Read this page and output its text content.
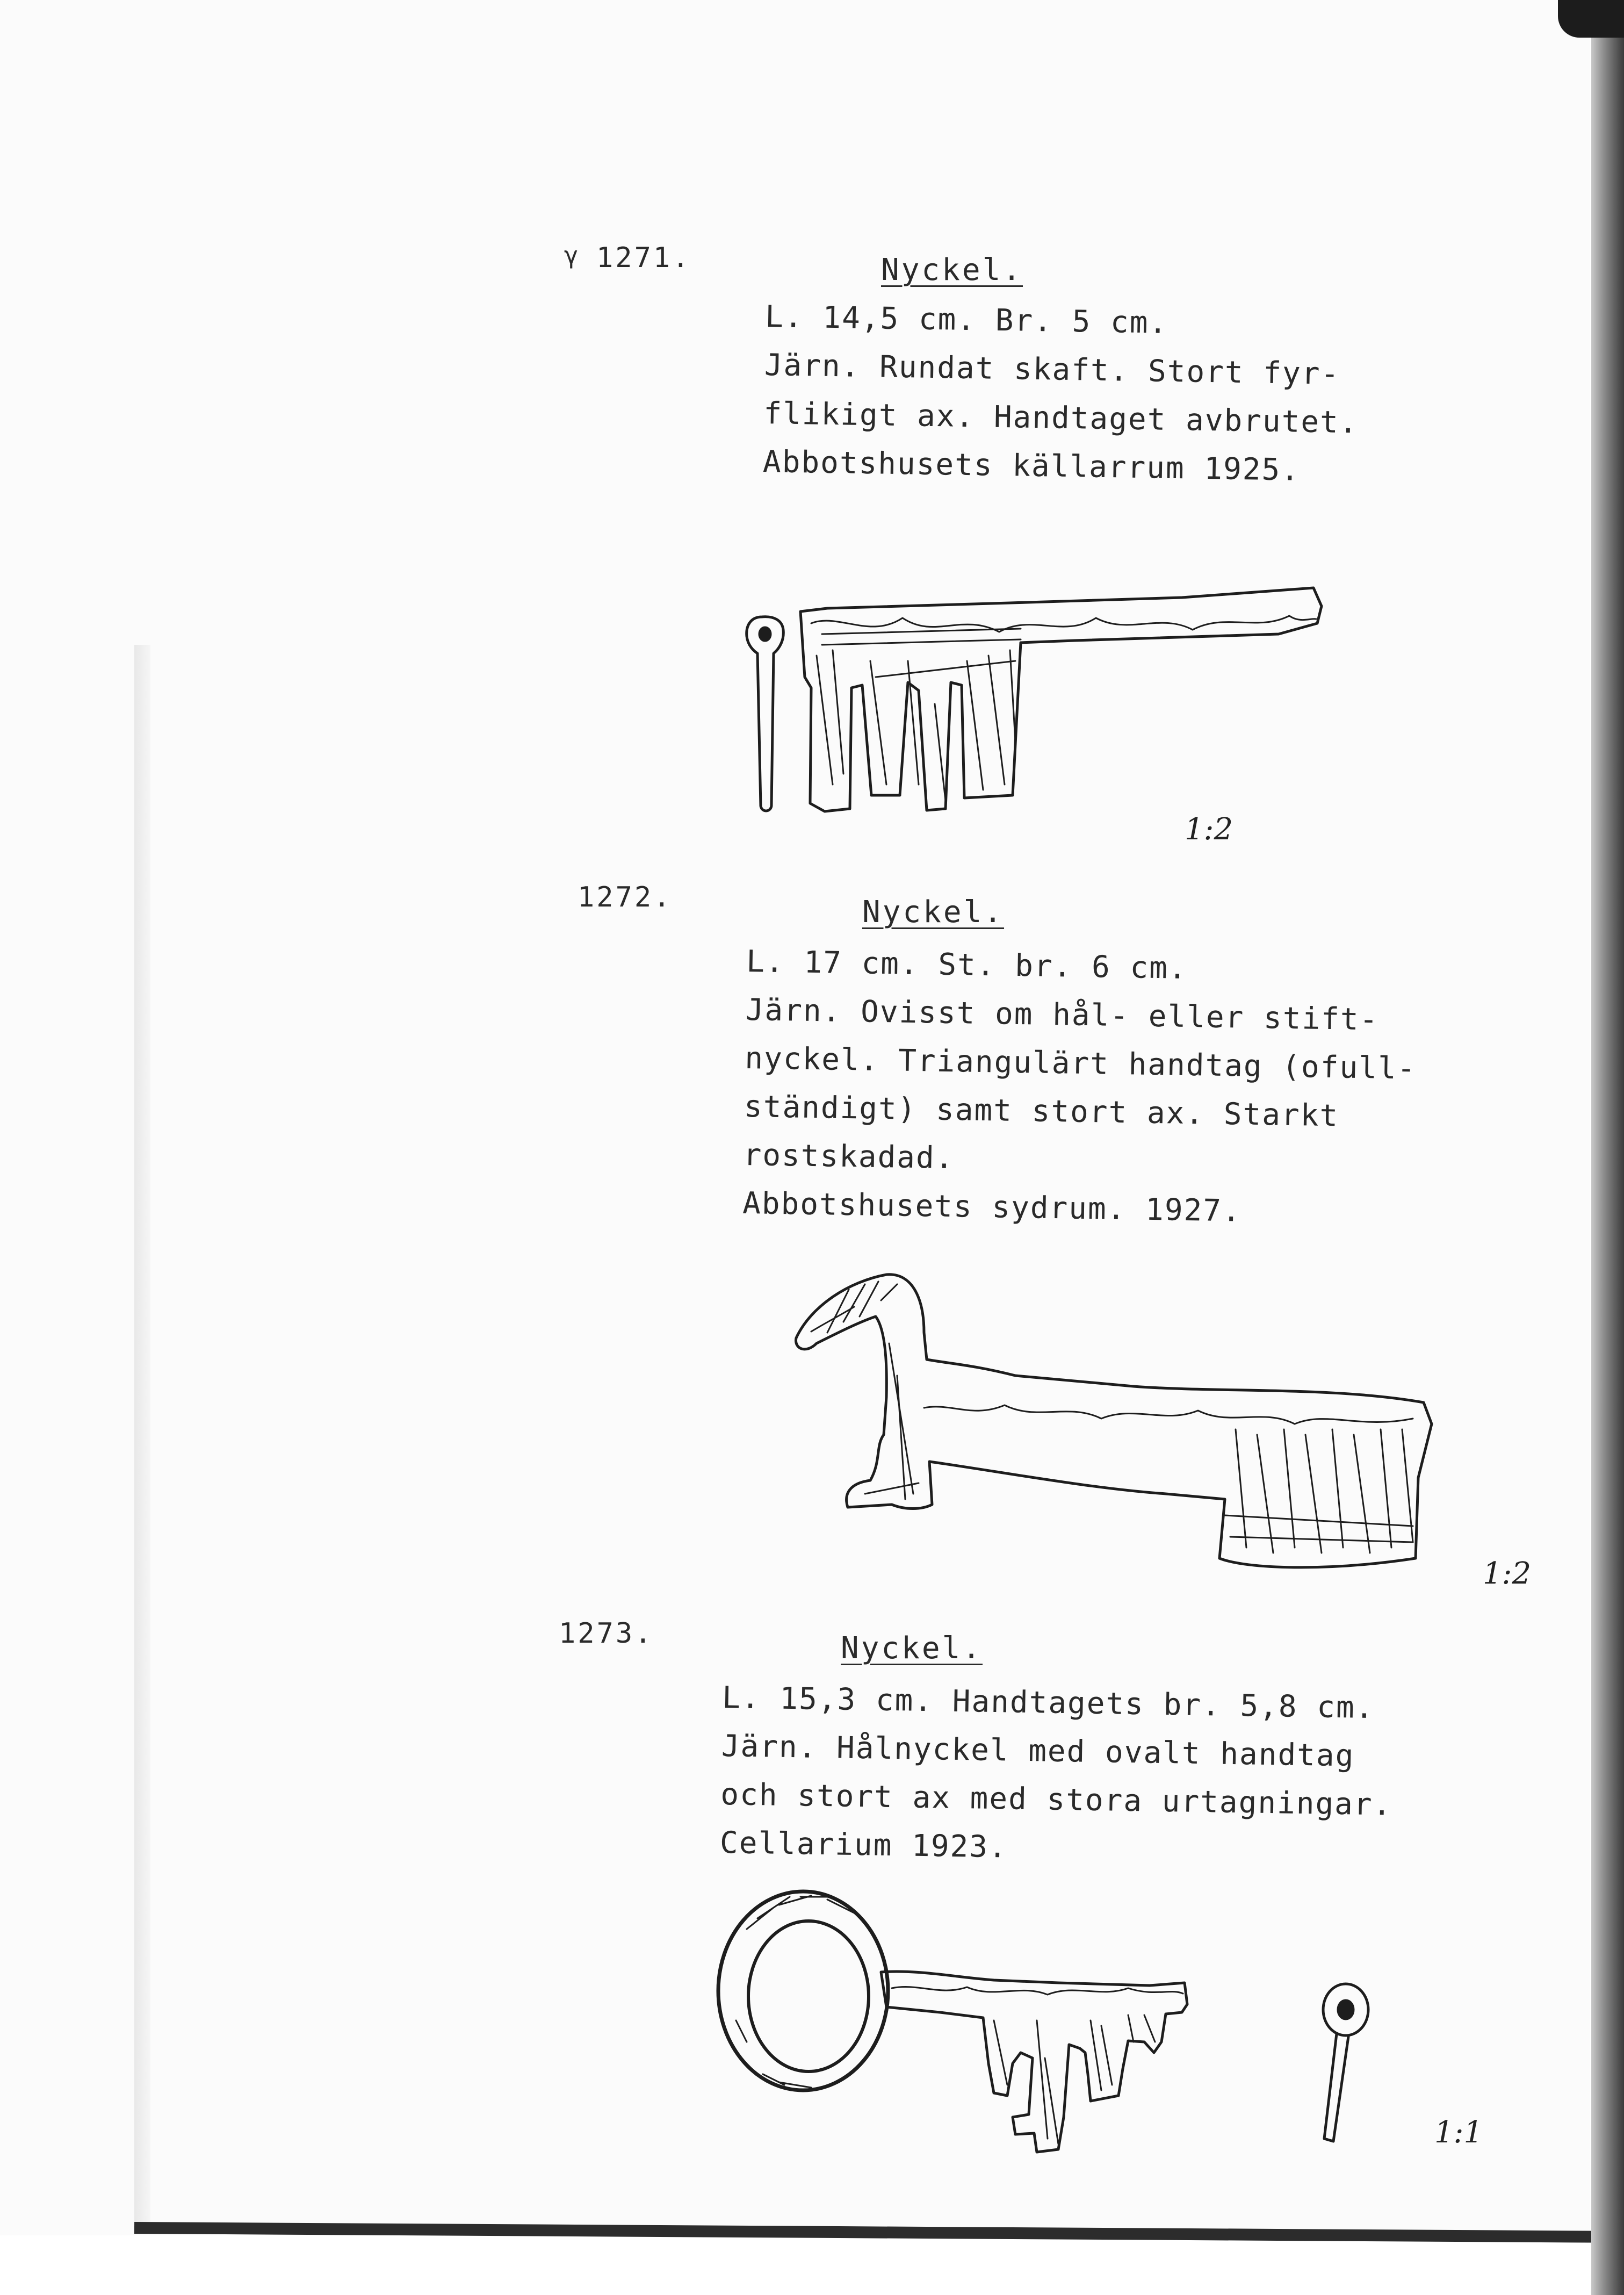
γ 1271.	Nyckel.

L. 14,5 cm. Br. 5 cm.
Järn. Rundat skaft. Stort fyr-
flikigt ax. Handtaget avbrutet.
Abbotshusets källarrum 1925.

1:2

1272.	Nyckel.

L. 17 cm. St. br. 6 cm.
Järn. Ovisst om hål- eller stift-
nyckel. Triangulärt handtag (ofull-
ständigt) samt stort ax. Starkt
rostskadad.
Abbotshusets sydrum. 1927.

1:2

1273.	Nyckel.

L. 15,3 cm. Handtagets br. 5,8 cm.
Järn. Hålnyckel med ovalt handtag
och stort ax med stora urtagningar.
Cellarium 1923.

1:1
